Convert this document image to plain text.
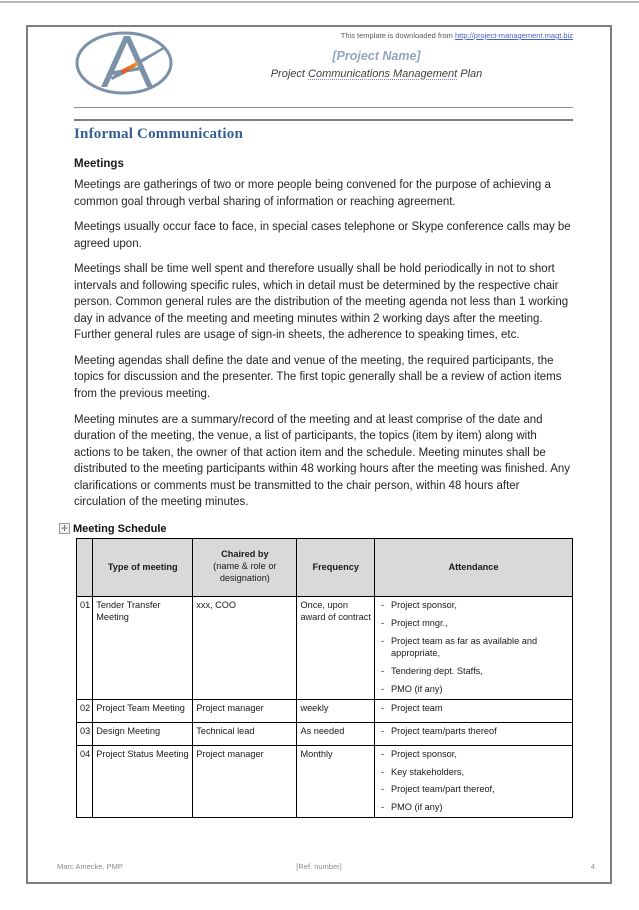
This template is downloaded from http://project-management.magt.biz
[Project Name]
Project Communications Management Plan
Informal Communication
Meetings

Meetings are gatherings of two or more people being convened for the purpose of achieving a common goal through verbal sharing of information or reaching agreement.

Meetings usually occur face to face, in special cases telephone or Skype conference calls may be agreed upon.

Meetings shall be time well spent and therefore usually shall be hold periodically in not to short intervals and following specific rules, which in detail must be determined by the respective chair person. Common general rules are the distribution of the meeting agenda not less than 1 working day in advance of the meeting and meeting minutes within 2 working days after the meeting. Further general rules are usage of sign-in sheets, the adherence to speaking times, etc.

Meeting agendas shall define the date and venue of the meeting, the required participants, the topics for discussion and the presenter. The first topic generally shall be a review of action items from the previous meeting.

Meeting minutes are a summary/record of the meeting and at least comprise of the date and duration of the meeting, the venue, a list of participants, the topics (item by item) along with actions to be taken, the owner of that action item and the schedule. Meeting minutes shall be distributed to the meeting participants within 48 working hours after the meeting was finished. Any clarifications or comments must be transmitted to the chair person, within 48 hours after circulation of the meeting minutes.

✛ Meeting Schedule
	Type of meeting	Chaired by
(name & role or designation)	Frequency	Attendance
01	Tender Transfer Meeting	xxx, COO	Once, upon award of contract	- Project sponsor,
- Project mngr.,
- Project team as far as available and appropriate,
- Tendering dept. Staffs,
- PMO (if any)

02	Project Team Meeting	Project manager	weekly	- Project team

03	Design Meeting	Technical lead	As needed	- Project team/parts thereof

04	Project Status Meeting	Project manager	Monthly	- Project sponsor,
- Key stakeholders,
- Project team/part thereof,
- PMO (if any)
Marc Amecke, PMP	[Ref. number]	4
